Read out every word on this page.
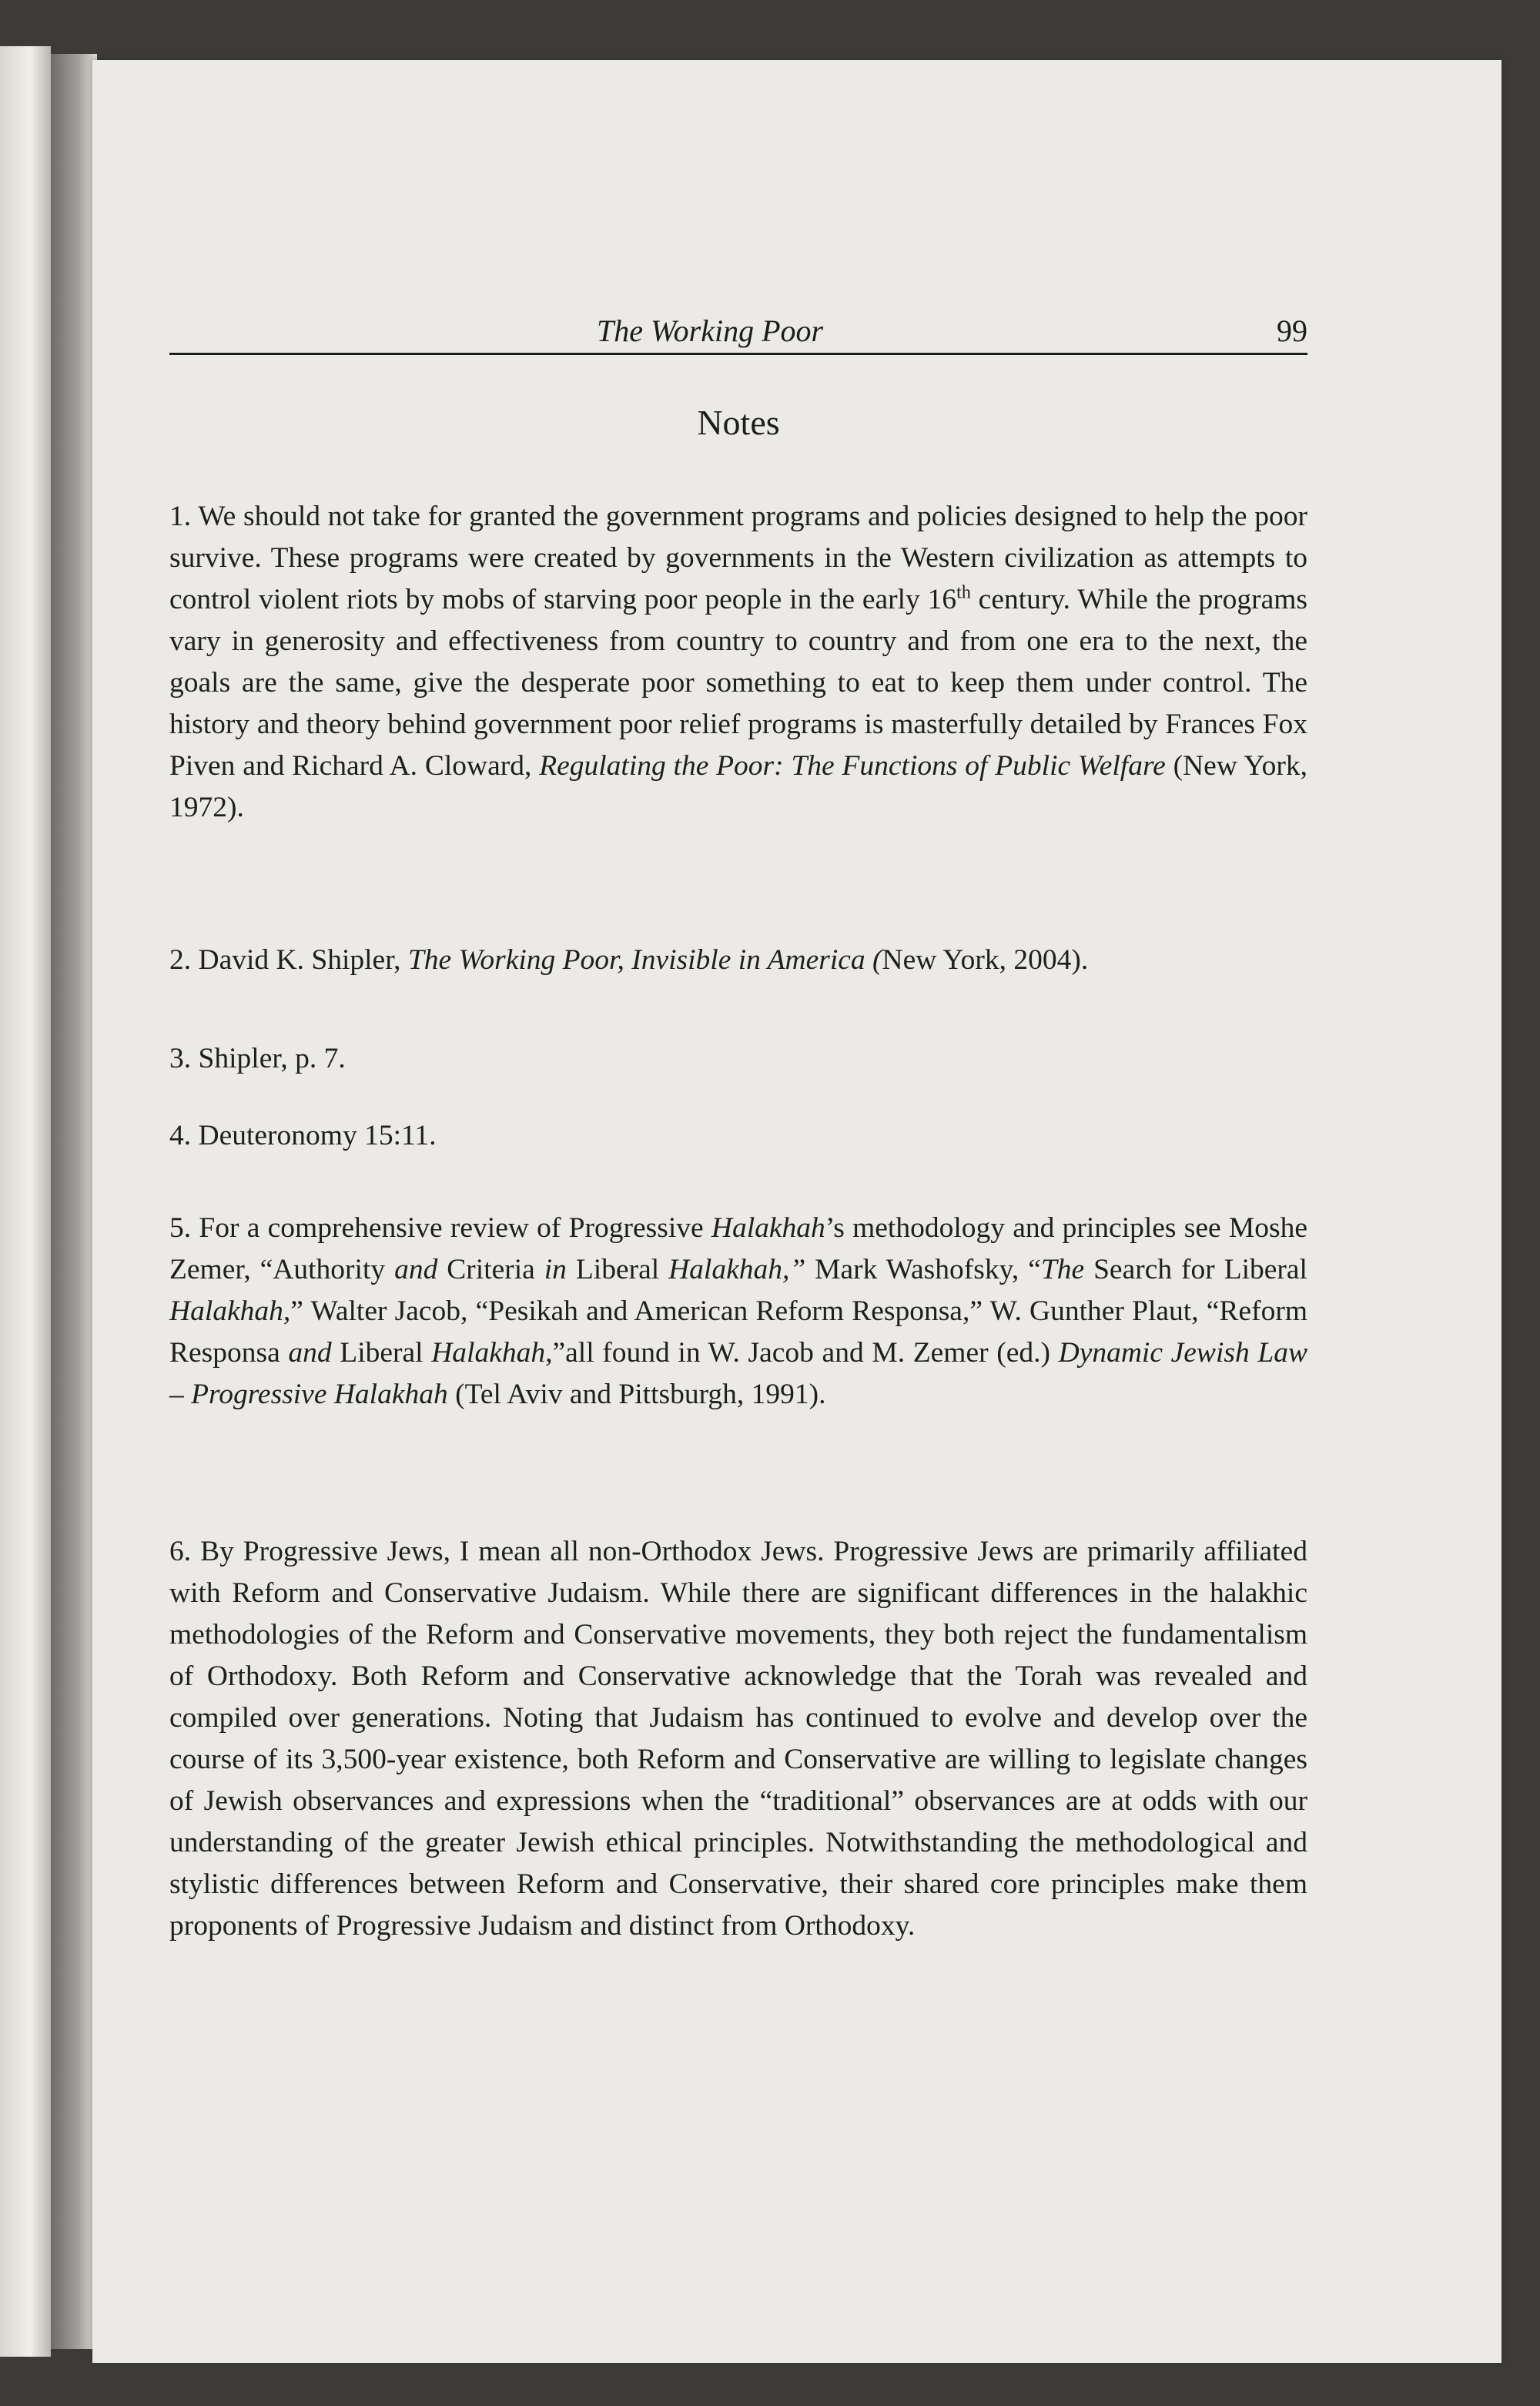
The Working Poor	99
Notes

1. We should not take for granted the government programs and policies designed to help the poor survive. These programs were created by governments in the Western civilization as attempts to control violent riots by mobs of starving poor people in the early 16th century. While the programs vary in generosity and effectiveness from country to country and from one era to the next, the goals are the same, give the desperate poor something to eat to keep them under control. The history and theory behind government poor relief programs is masterfully detailed by Frances Fox Piven and Richard A. Cloward, Regulating the Poor: The Functions of Public Welfare (New York, 1972).

2. David K. Shipler, The Working Poor, Invisible in America (New York, 2004).

3. Shipler, p. 7.

4. Deuteronomy 15:11.

5. For a comprehensive review of Progressive Halakhah’s methodology and principles see Moshe Zemer, “Authority and Criteria in Liberal Halakhah,” Mark Washofsky, “The Search for Liberal Halakhah,” Walter Jacob, “Pesikah and American Reform Responsa,” W. Gunther Plaut, “Reform Responsa and Liberal Halakhah,”all found in W. Jacob and M. Zemer (ed.) Dynamic Jewish Law – Progressive Halakhah (Tel Aviv and Pittsburgh, 1991).

6. By Progressive Jews, I mean all non-Orthodox Jews. Progressive Jews are primarily affiliated with Reform and Conservative Judaism. While there are significant differences in the halakhic methodologies of the Reform and Conservative movements, they both reject the fundamentalism of Orthodoxy. Both Reform and Conservative acknowledge that the Torah was revealed and compiled over generations. Noting that Judaism has continued to evolve and develop over the course of its 3,500-year existence, both Reform and Conservative are willing to legislate changes of Jewish observances and expressions when the “traditional” observances are at odds with our understanding of the greater Jewish ethical principles. Notwithstanding the methodological and stylistic differences between Reform and Conservative, their shared core principles make them proponents of Progressive Judaism and distinct from Orthodoxy.
